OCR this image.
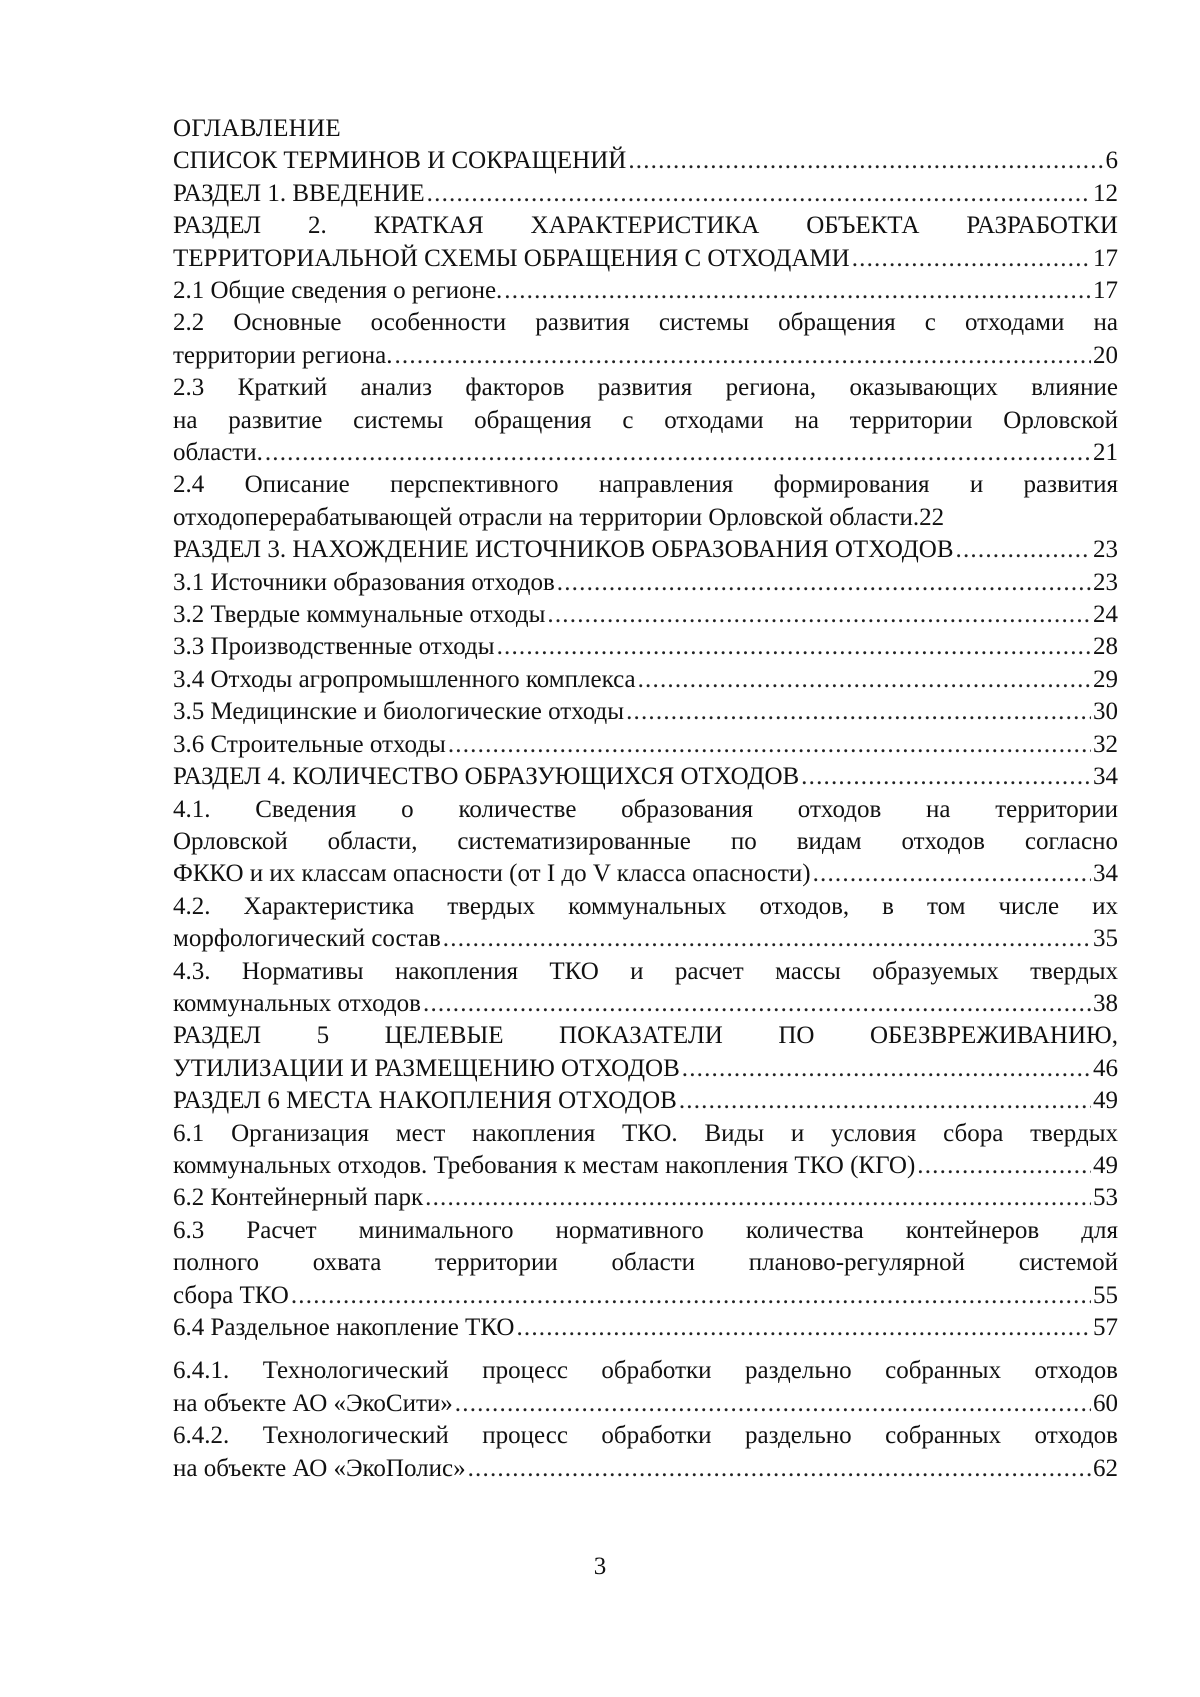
ОГЛАВЛЕНИЕ
СПИСОК ТЕРМИНОВ И СОКРАЩЕНИЙ .....	6
РАЗДЕЛ 1. ВВЕДЕНИЕ .....	12
РАЗДЕЛ 2. КРАТКАЯ ХАРАКТЕРИСТИКА ОБЪЕКТА РАЗРАБОТКИ
ТЕРРИТОРИАЛЬНОЙ СХЕМЫ ОБРАЩЕНИЯ С ОТХОДАМИ .....	17
2.1 Общие сведения о регионе. .....	17
2.2 Основные особенности развития системы обращения с отходами на
территории региона. .....	20
2.3 Краткий анализ факторов развития региона, оказывающих влияние
на развитие системы обращения с отходами на территории Орловской
области. .....	21
2.4 Описание перспективного направления формирования и развития
отходоперерабатывающей отрасли на территории Орловской области. 22
РАЗДЕЛ 3. НАХОЖДЕНИЕ ИСТОЧНИКОВ ОБРАЗОВАНИЯ ОТХОДОВ .....	23
3.1 Источники образования отходов .....	23
3.2 Твердые коммунальные отходы .....	24
3.3 Производственные отходы .....	28
3.4 Отходы агропромышленного комплекса .....	29
3.5 Медицинские и биологические отходы .....	30
3.6 Строительные отходы .....	32
РАЗДЕЛ 4. КОЛИЧЕСТВО ОБРАЗУЮЩИХСЯ ОТХОДОВ .....	34
4.1. Сведения о количестве образования отходов на территории
Орловской области, систематизированные по видам отходов согласно
ФККО и их классам опасности (от I до V класса опасности) .....	34
4.2. Характеристика твердых коммунальных отходов, в том числе их
морфологический состав .....	35
4.3. Нормативы накопления ТКО и расчет массы образуемых твердых
коммунальных отходов .....	38
РАЗДЕЛ 5 ЦЕЛЕВЫЕ ПОКАЗАТЕЛИ ПО ОБЕЗВРЕЖИВАНИЮ,
УТИЛИЗАЦИИ И РАЗМЕЩЕНИЮ ОТХОДОВ .....	46
РАЗДЕЛ 6 МЕСТА НАКОПЛЕНИЯ ОТХОДОВ .....	49
6.1 Организация мест накопления ТКО. Виды и условия сбора твердых
коммунальных отходов. Требования к местам накопления ТКО (КГО) .....	49
6.2 Контейнерный парк .....	53
6.3 Расчет минимального нормативного количества контейнеров для
полного охвата территории области планово-регулярной системой
сбора ТКО .....	55
6.4 Раздельное накопление ТКО .....	57
6.4.1. Технологический процесс обработки раздельно собранных отходов
на объекте АО «ЭкоСити» .....	60
6.4.2. Технологический процесс обработки раздельно собранных отходов
на объекте АО «ЭкоПолис» .....	62
3
